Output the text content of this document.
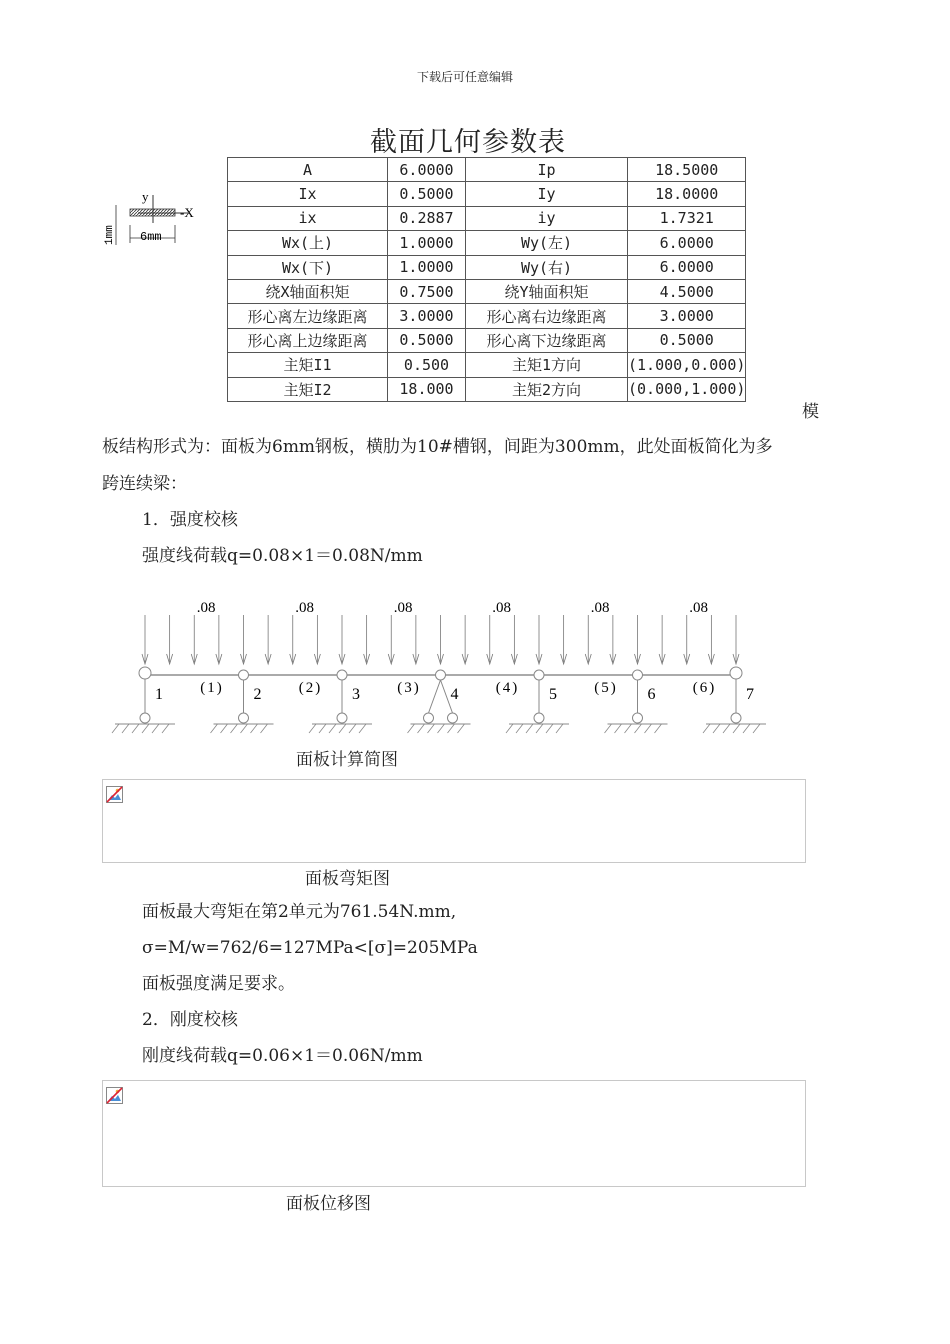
下载后可任意编辑
截面几何参数表
y
-X
6mm
1mm
A	6.0000	Ip	18.5000
Ix	0.5000	Iy	18.0000
ix	0.2887	iy	1.7321
Wx(上)	1.0000	Wy(左)	6.0000
Wx(下)	1.0000	Wy(右)	6.0000
绕X轴面积矩	0.7500	绕Y轴面积矩	4.5000
形心离左边缘距离	3.0000	形心离右边缘距离	3.0000
形心离上边缘距离	0.5000	形心离下边缘距离	0.5000
主矩I1	0.500	主矩1方向	(1.000,0.000)
主矩I2	18.000	主矩2方向	(0.000,1.000)
模
板结构形式为：面板为6mm钢板，横肋为10#槽钢，间距为300mm，此处面板简化为多
跨连续梁：
1．强度校核
强度线荷载q=0.08×1＝0.08N/mm
.08
(1)
.08
(2)
.08
(3)
.08
(4)
.08
(5)
.08
(6)
1	2	3	4	5	6	7
面板计算简图
面板弯矩图
面板最大弯矩在第2单元为761.54N.mm,
σ=M/w=762/6=127MPa<[σ]=205MPa
面板强度满足要求。
2．刚度校核
刚度线荷载q=0.06×1＝0.06N/mm
面板位移图
